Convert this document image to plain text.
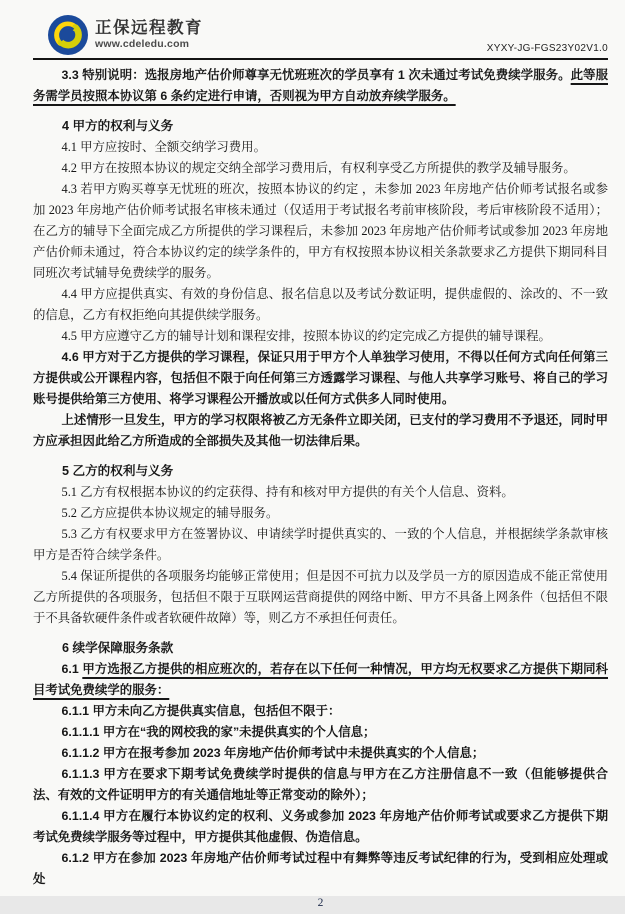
正保远程教育
www.cdeledu.com	XYXY-JG-FGS23Y02V1.0

3.3 特别说明：选报房地产估价师尊享无忧班班次的学员享有 1 次未通过考试免费续学服务。此等服务需学员按照本协议第 6 条约定进行申请，否则视为甲方自动放弃续学服务。

4 甲方的权利与义务

4.1 甲方应按时、全额交纳学习费用。

4.2 甲方在按照本协议的规定交纳全部学习费用后，有权利享受乙方所提供的教学及辅导服务。

4.3 若甲方购买尊享无忧班的班次，按照本协议的约定 ，未参加 2023 年房地产估价师考试报名或参加 2023 年房地产估价师考试报名审核未通过（仅适用于考试报名考前审核阶段，考后审核阶段不适用）；在乙方的辅导下全面完成乙方所提供的学习课程后，未参加 2023 年房地产估价师考试或参加 2023 年房地产估价师未通过，符合本协议约定的续学条件的，甲方有权按照本协议相关条款要求乙方提供下期同科目同班次考试辅导免费续学的服务。

4.4 甲方应提供真实、有效的身份信息、报名信息以及考试分数证明，提供虚假的、涂改的、不一致的信息，乙方有权拒绝向其提供续学服务。

4.5 甲方应遵守乙方的辅导计划和课程安排，按照本协议的约定完成乙方提供的辅导课程。

4.6 甲方对于乙方提供的学习课程，保证只用于甲方个人单独学习使用，不得以任何方式向任何第三方提供或公开课程内容，包括但不限于向任何第三方透露学习课程、与他人共享学习账号、将自己的学习账号提供给第三方使用、将学习课程公开播放或以任何方式供多人同时使用。

上述情形一旦发生，甲方的学习权限将被乙方无条件立即关闭，已支付的学习费用不予退还，同时甲方应承担因此给乙方所造成的全部损失及其他一切法律后果。

5 乙方的权利与义务

5.1 乙方有权根据本协议的约定获得、持有和核对甲方提供的有关个人信息、资料。

5.2 乙方应提供本协议规定的辅导服务。

5.3 乙方有权要求甲方在签署协议、申请续学时提供真实的、一致的个人信息，并根据续学条款审核甲方是否符合续学条件。

5.4 保证所提供的各项服务均能够正常使用；但是因不可抗力以及学员一方的原因造成不能正常使用乙方所提供的各项服务，包括但不限于互联网运营商提供的网络中断、甲方不具备上网条件（包括但不限于不具备软硬件条件或者软硬件故障）等，则乙方不承担任何责任。

6 续学保障服务条款

6.1 甲方选报乙方提供的相应班次的，若存在以下任何一种情况，甲方均无权要求乙方提供下期同科目考试免费续学的服务：

6.1.1 甲方未向乙方提供真实信息，包括但不限于：

6.1.1.1 甲方在“我的网校我的家”未提供真实的个人信息；

6.1.1.2 甲方在报考参加 2023 年房地产估价师考试中未提供真实的个人信息；

6.1.1.3 甲方在要求下期考试免费续学时提供的信息与甲方在乙方注册信息不一致（但能够提供合法、有效的文件证明甲方的有关通信地址等正常变动的除外）；

6.1.1.4 甲方在履行本协议约定的权利、义务或参加 2023 年房地产估价师考试或要求乙方提供下期考试免费续学服务等过程中，甲方提供其他虚假、伪造信息。

6.1.2 甲方在参加 2023 年房地产估价师考试过程中有舞弊等违反考试纪律的行为，受到相应处理或处

2
